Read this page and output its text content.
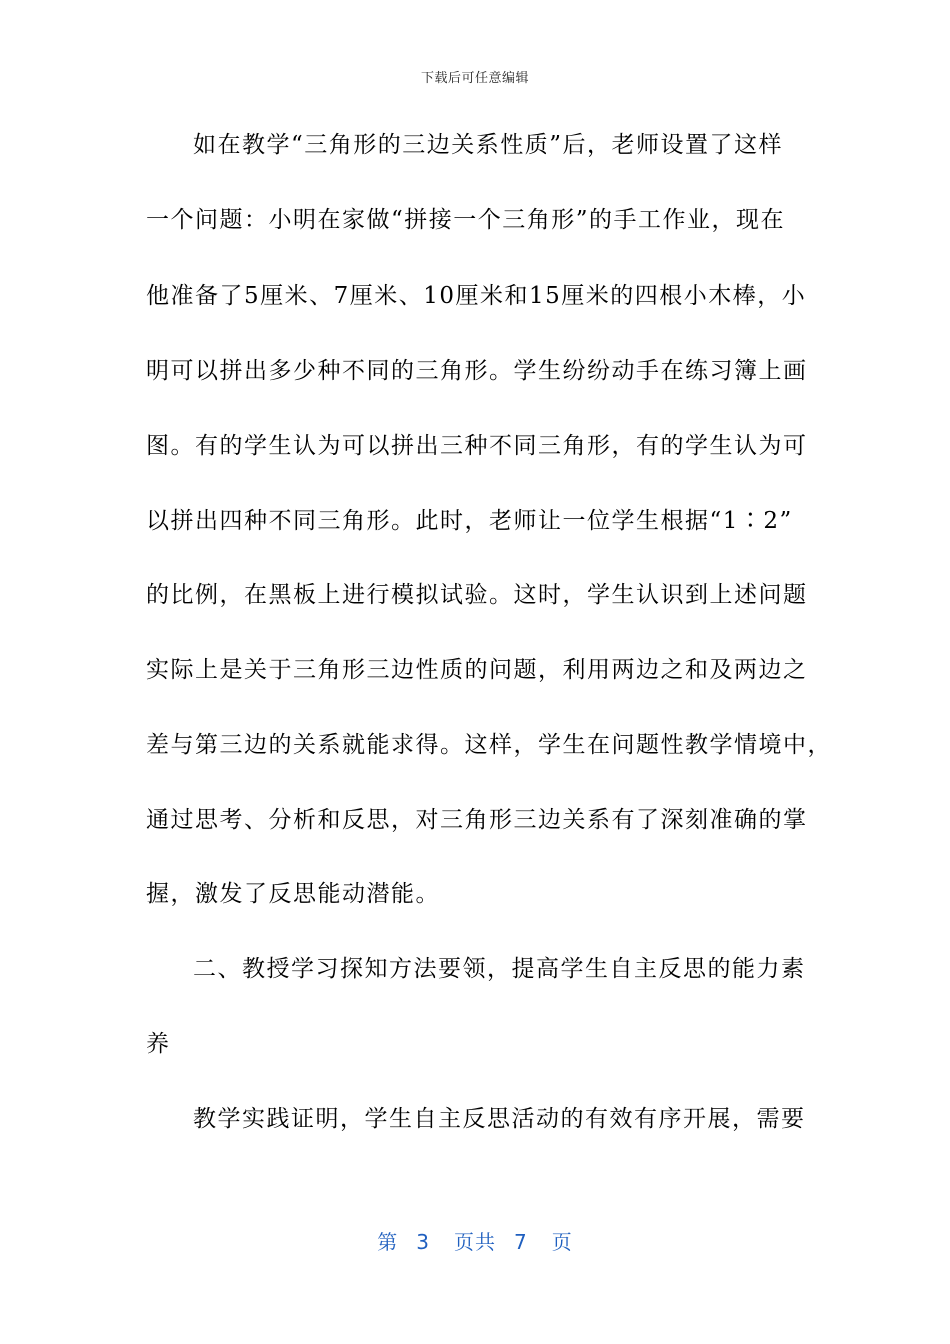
下载后可任意编辑
如在教学“三角形的三边关系性质”后，老师设置了这样
一个问题：小明在家做“拼接一个三角形”的手工作业，现在
他准备了5厘米、7厘米、10厘米和15厘米的四根小木棒，小
明可以拼出多少种不同的三角形。学生纷纷动手在练习簿上画
图。有的学生认为可以拼出三种不同三角形，有的学生认为可
以拼出四种不同三角形。此时，老师让一位学生根据“1∶2”
的比例，在黑板上进行模拟试验。这时，学生认识到上述问题
实际上是关于三角形三边性质的问题，利用两边之和及两边之
差与第三边的关系就能求得。这样，学生在问题性教学情境中，
通过思考、分析和反思，对三角形三边关系有了深刻准确的掌
握，激发了反思能动潜能。
二、教授学习探知方法要领，提高学生自主反思的能力素
养
教学实践证明，学生自主反思活动的有效有序开展，需要
第 3 页共 7 页
